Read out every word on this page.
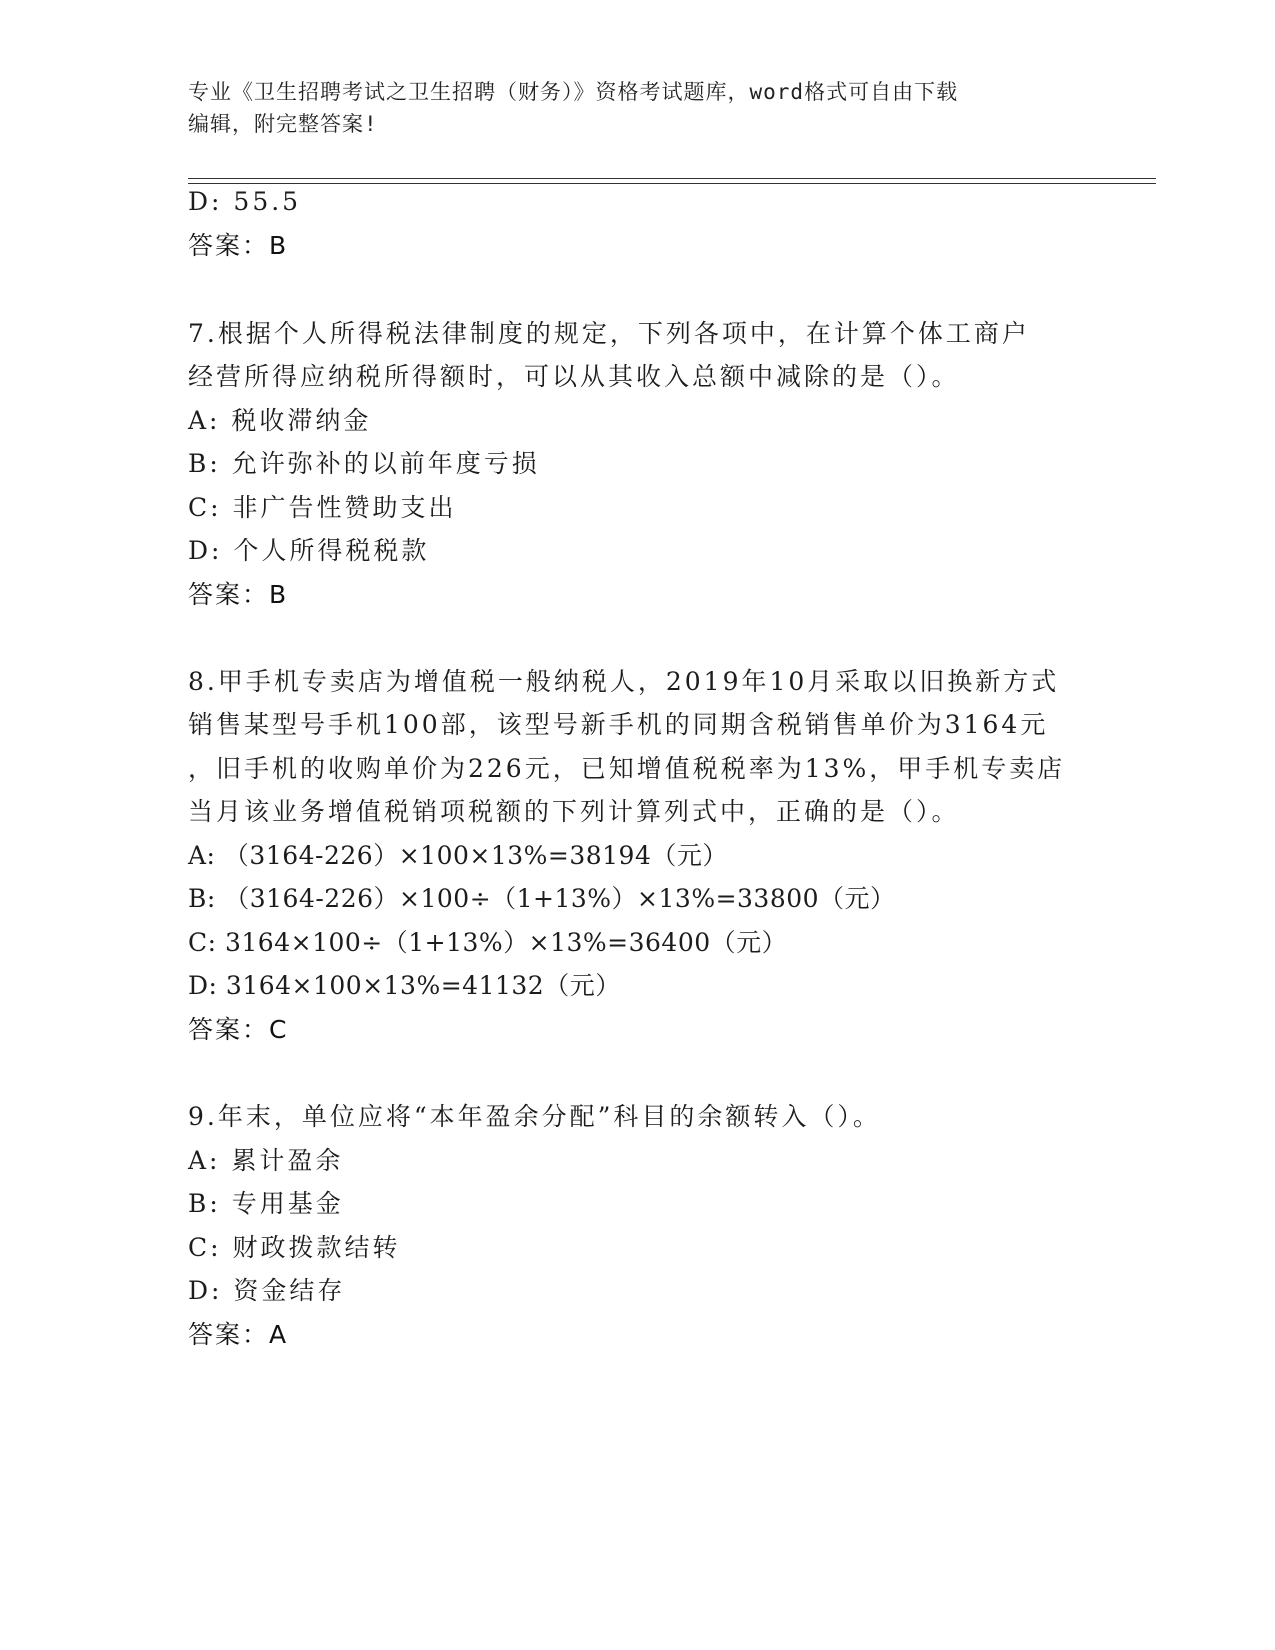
专业《卫生招聘考试之卫生招聘（财务）》资格考试题库，word格式可自由下载
编辑，附完整答案!
D: 55.5
答案：B
7.根据个人所得税法律制度的规定，下列各项中，在计算个体工商户
经营所得应纳税所得额时，可以从其收入总额中减除的是（）。
A: 税收滞纳金
B: 允许弥补的以前年度亏损
C: 非广告性赞助支出
D: 个人所得税税款
答案：B
8.甲手机专卖店为增值税一般纳税人，2019年10月采取以旧换新方式
销售某型号手机100部，该型号新手机的同期含税销售单价为3164元
，旧手机的收购单价为226元，已知增值税税率为13%，甲手机专卖店
当月该业务增值税销项税额的下列计算列式中，正确的是（）。
A: （3164-226）×100×13%=38194（元）
B: （3164-226）×100÷（1+13%）×13%=33800（元）
C: 3164×100÷（1+13%）×13%=36400（元）
D: 3164×100×13%=41132（元）
答案：C
9.年末，单位应将“本年盈余分配”科目的余额转入（）。
A: 累计盈余
B: 专用基金
C: 财政拨款结转
D: 资金结存
答案：A
